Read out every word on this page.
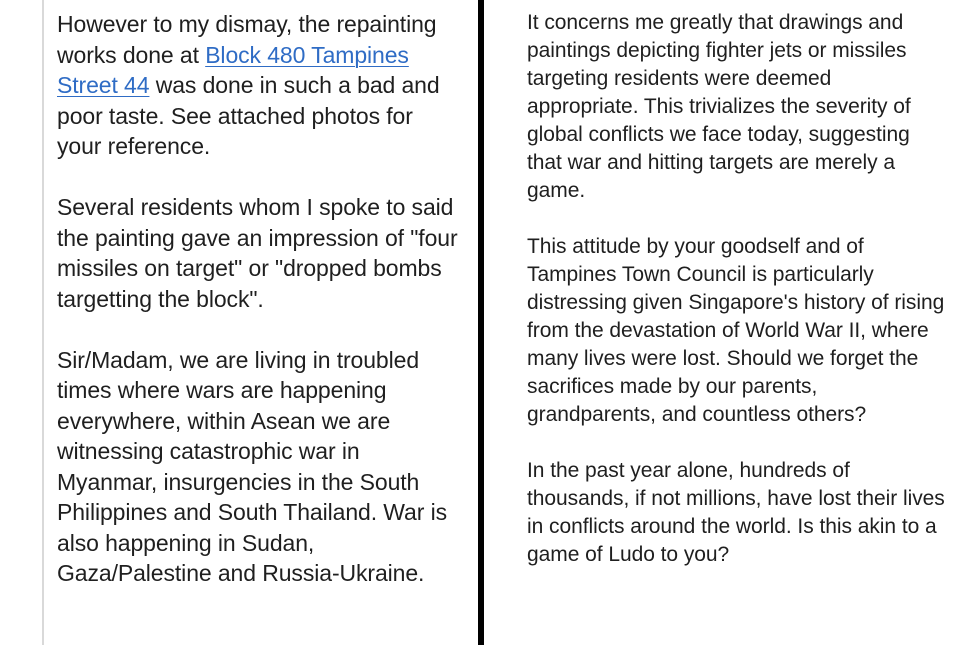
However to my dismay, the repainting works done at Block 480 Tampines Street 44 was done in such a bad and poor taste. See attached photos for your reference.

Several residents whom I spoke to said the painting gave an impression of "four missiles on target" or "dropped bombs targetting the block".

Sir/Madam, we are living in troubled times where wars are happening everywhere, within Asean we are witnessing catastrophic war in Myanmar, insurgencies in the South Philippines and South Thailand. War is also happening in Sudan, Gaza/Palestine and Russia-Ukraine.

It concerns me greatly that drawings and paintings depicting fighter jets or missiles targeting residents were deemed appropriate. This trivializes the severity of global conflicts we face today, suggesting that war and hitting targets are merely a game.

This attitude by your goodself and of Tampines Town Council is particularly distressing given Singapore's history of rising from the devastation of World War II, where many lives were lost. Should we forget the sacrifices made by our parents, grandparents, and countless others?

In the past year alone, hundreds of thousands, if not millions, have lost their lives in conflicts around the world. Is this akin to a game of Ludo to you?
